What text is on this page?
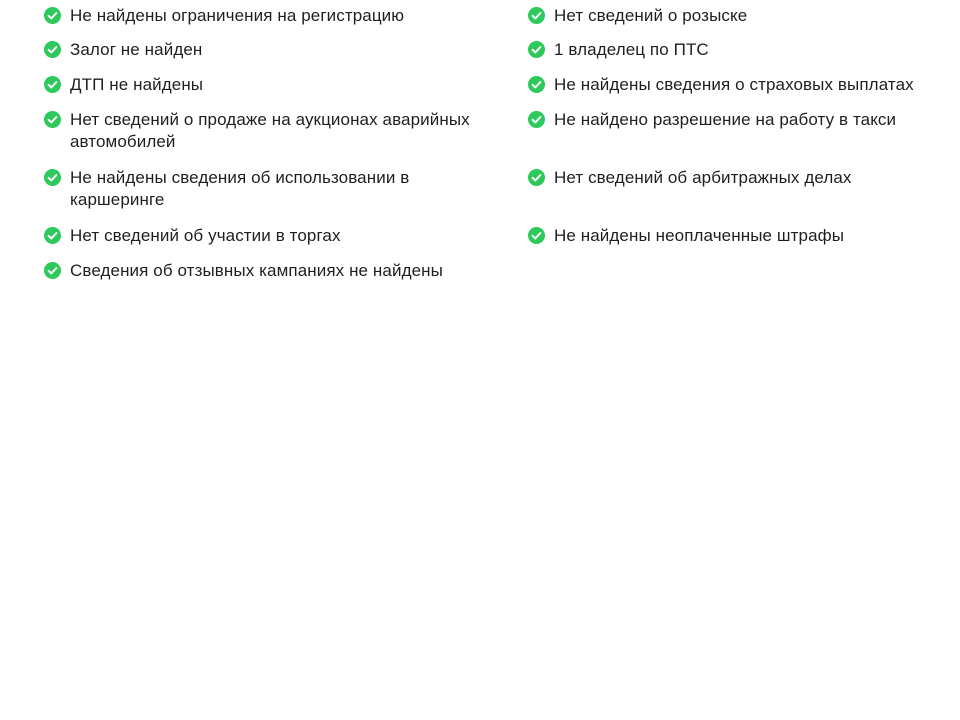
Не найдены ограничения на регистрацию
Залог не найден
ДТП не найдены
Нет сведений о продаже на аукционах аварийных автомобилей
Не найдены сведения об использовании в каршеринге
Нет сведений об участии в торгах
Сведения об отзывных кампаниях не найдены
Нет сведений о розыске
1 владелец по ПТС
Не найдены сведения о страховых выплатах
Не найдено разрешение на работу в такси
Нет сведений об арбитражных делах
Не найдены неоплаченные штрафы
